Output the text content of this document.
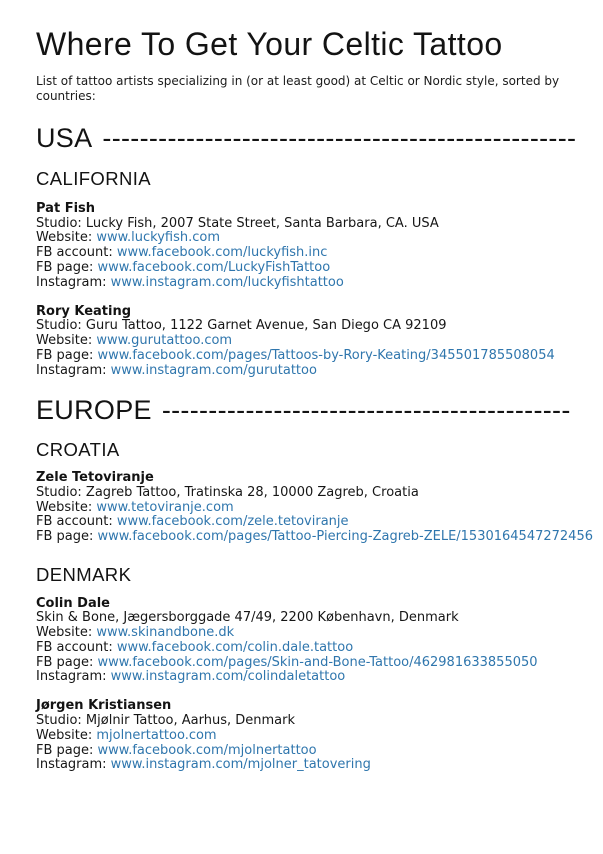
Where To Get Your Celtic Tattoo

List of tattoo artists specializing in (or at least good) at Celtic or Nordic style, sorted by countries:

USA ---------------------------------------------------
CALIFORNIA
Pat Fish
Studio: Lucky Fish, 2007 State Street, Santa Barbara, CA. USA
Website: www.luckyfish.com
FB account: www.facebook.com/luckyfish.inc
FB page: www.facebook.com/LuckyFishTattoo
Instagram: www.instagram.com/luckyfishtattoo
Rory Keating
Studio: Guru Tattoo, 1122 Garnet Avenue, San Diego CA 92109
Website: www.gurutattoo.com
FB page: www.facebook.com/pages/Tattoos-by-Rory-Keating/345501785508054
Instagram: www.instagram.com/gurutattoo
EUROPE --------------------------------------------
CROATIA
Zele Tetoviranje
Studio: Zagreb Tattoo, Tratinska 28, 10000 Zagreb, Croatia
Website: www.tetoviranje.com
FB account: www.facebook.com/zele.tetoviranje
FB page: www.facebook.com/pages/Tattoo-Piercing-Zagreb-ZELE/1530164547272456
DENMARK
Colin Dale
Skin & Bone, Jægersborggade 47/49, 2200 København, Denmark
Website: www.skinandbone.dk
FB account: www.facebook.com/colin.dale.tattoo
FB page: www.facebook.com/pages/Skin-and-Bone-Tattoo/462981633855050
Instagram: www.instagram.com/colindaletattoo
Jørgen Kristiansen
Studio: Mjølnir Tattoo, Aarhus, Denmark
Website: mjolnertattoo.com
FB page: www.facebook.com/mjolnertattoo
Instagram: www.instagram.com/mjolner_tatovering
